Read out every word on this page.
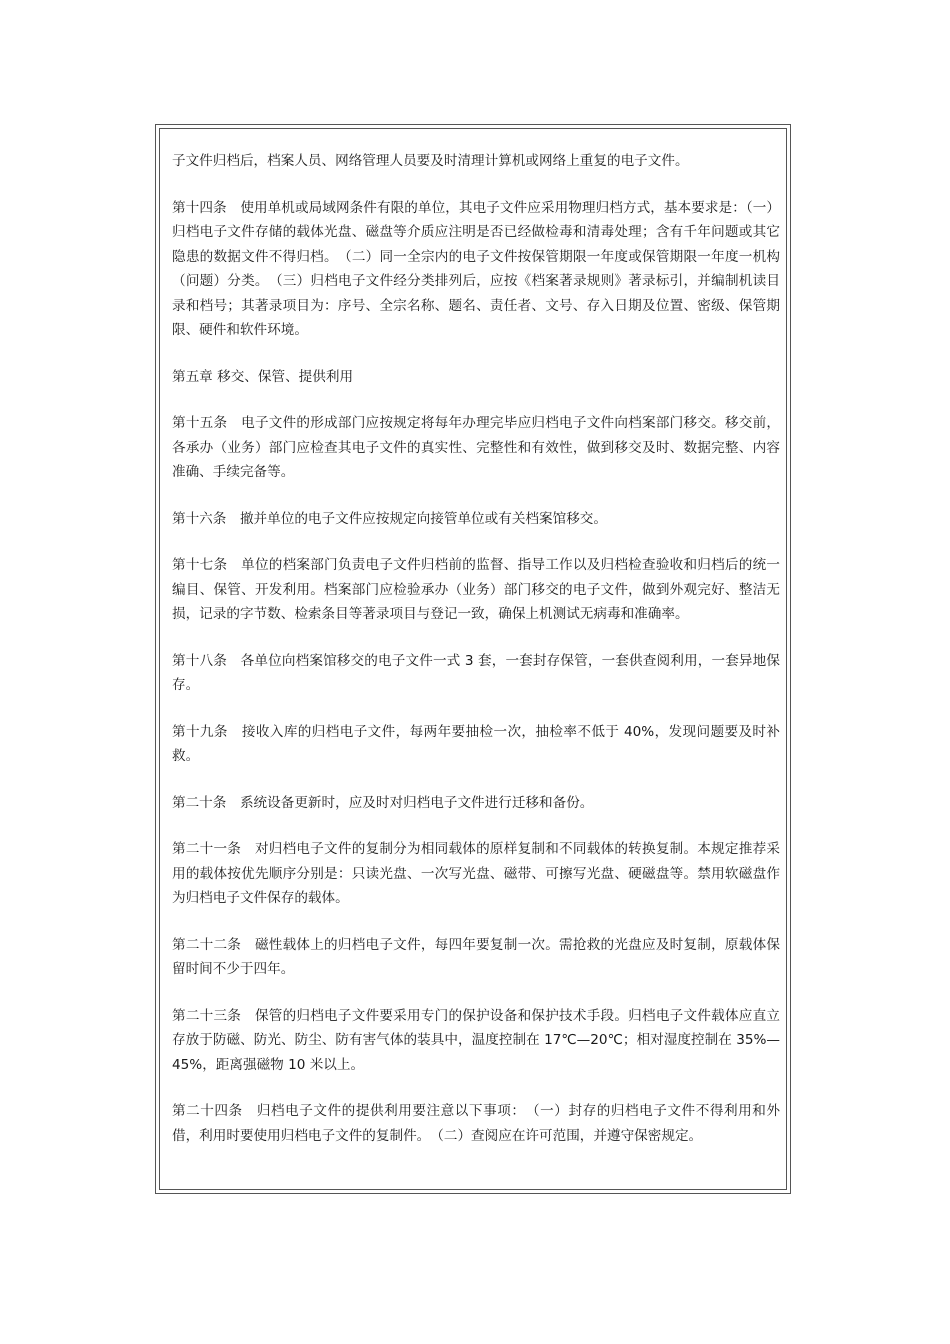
子文件归档后，档案人员、网络管理人员要及时清理计算机或网络上重复的电子文件。

第十四条　使用单机或局域网条件有限的单位，其电子文件应采用物理归档方式，基本要求是：（一）归档电子文件存储的载体光盘、磁盘等介质应注明是否已经做检毒和清毒处理；含有千年问题或其它隐患的数据文件不得归档。　（二）同一全宗内的电子文件按保管期限一年度或保管期限一年度一机构（问题）分类。　（三）归档电子文件经分类排列后，应按《档案著录规则》著录标引，并编制机读目录和档号；其著录项目为：序号、全宗名称、题名、责任者、文号、存入日期及位置、密级、保管期限、硬件和软件环境。

第五章 移交、保管、提供利用

第十五条　电子文件的形成部门应按规定将每年办理完毕应归档电子文件向档案部门移交。移交前，各承办（业务）部门应检查其电子文件的真实性、完整性和有效性，做到移交及时、数据完整、内容准确、手续完备等。

第十六条　撤并单位的电子文件应按规定向接管单位或有关档案馆移交。

第十七条　单位的档案部门负责电子文件归档前的监督、指导工作以及归档检查验收和归档后的统一编目、保管、开发利用。档案部门应检验承办（业务）部门移交的电子文件，做到外观完好、整洁无损，记录的字节数、检索条目等著录项目与登记一致，确保上机测试无病毒和准确率。

第十八条　各单位向档案馆移交的电子文件一式 3 套，一套封存保管，一套供查阅利用，一套异地保存。

第十九条　接收入库的归档电子文件，每两年要抽检一次，抽检率不低于 40%，发现问题要及时补救。

第二十条　系统设备更新时，应及时对归档电子文件进行迁移和备份。

第二十一条　对归档电子文件的复制分为相同载体的原样复制和不同载体的转换复制。本规定推荐采用的载体按优先顺序分别是：只读光盘、一次写光盘、磁带、可擦写光盘、硬磁盘等。禁用软磁盘作为归档电子文件保存的载体。

第二十二条　磁性载体上的归档电子文件，每四年要复制一次。需抢救的光盘应及时复制，原载体保留时间不少于四年。

第二十三条　保管的归档电子文件要采用专门的保护设备和保护技术手段。归档电子文件载体应直立存放于防磁、防光、防尘、防有害气体的装具中，温度控制在 17℃—20℃；相对湿度控制在 35%—45%，距离强磁物 10 米以上。

第二十四条　归档电子文件的提供利用要注意以下事项：　（一）封存的归档电子文件不得利用和外借，利用时要使用归档电子文件的复制件。　（二）查阅应在许可范围，并遵守保密规定。
